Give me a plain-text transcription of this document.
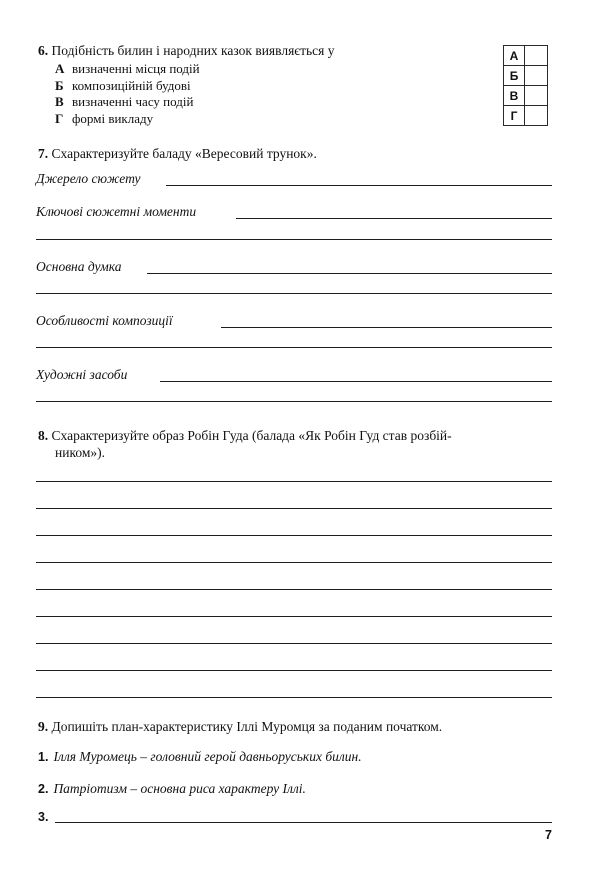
6. Подібність билин і народних казок виявляється у
А визначенні місця подій
Б композиційній будові
В визначенні часу подій
Г формі викладу
А	
Б	
В	
Г	
7. Схарактеризуйте баладу «Вересовий трунок».
Джерело сюжету
Ключові сюжетні моменти
Основна думка
Особливості композиції
Художні засоби
8. Схарактеризуйте образ Робін Гуда (балада «Як Робін Гуд став розбій-
ником»).
9. Допишіть план-характеристику Іллі Муромця за поданим початком.
1. Ілля Муромець – головний герой давньоруських билин.
2. Патріотизм – основна риса характеру Іллі.
3.
7
